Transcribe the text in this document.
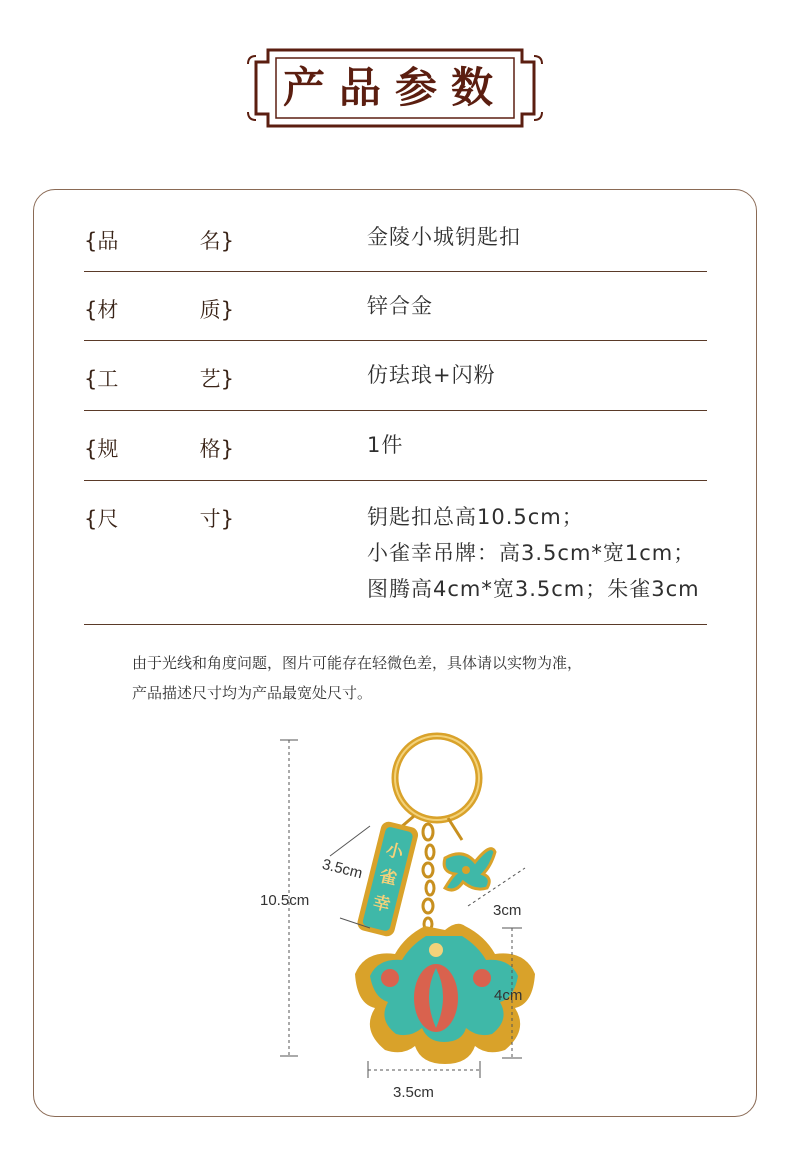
产品参数
{品	名}	金陵小城钥匙扣
{材	质}	锌合金
{工	艺}	仿珐琅+闪粉
{规	格}	1件
{尺	寸}	钥匙扣总高10.5cm；
小雀幸吊牌：高3.5cm*宽1cm；
图腾高4cm*宽3.5cm；朱雀3cm
由于光线和角度问题，图片可能存在轻微色差，具体请以实物为准，
产品描述尺寸均为产品最宽处尺寸。
10.5cm
小
雀
幸
3.5cm
3cm
4cm
3.5cm
